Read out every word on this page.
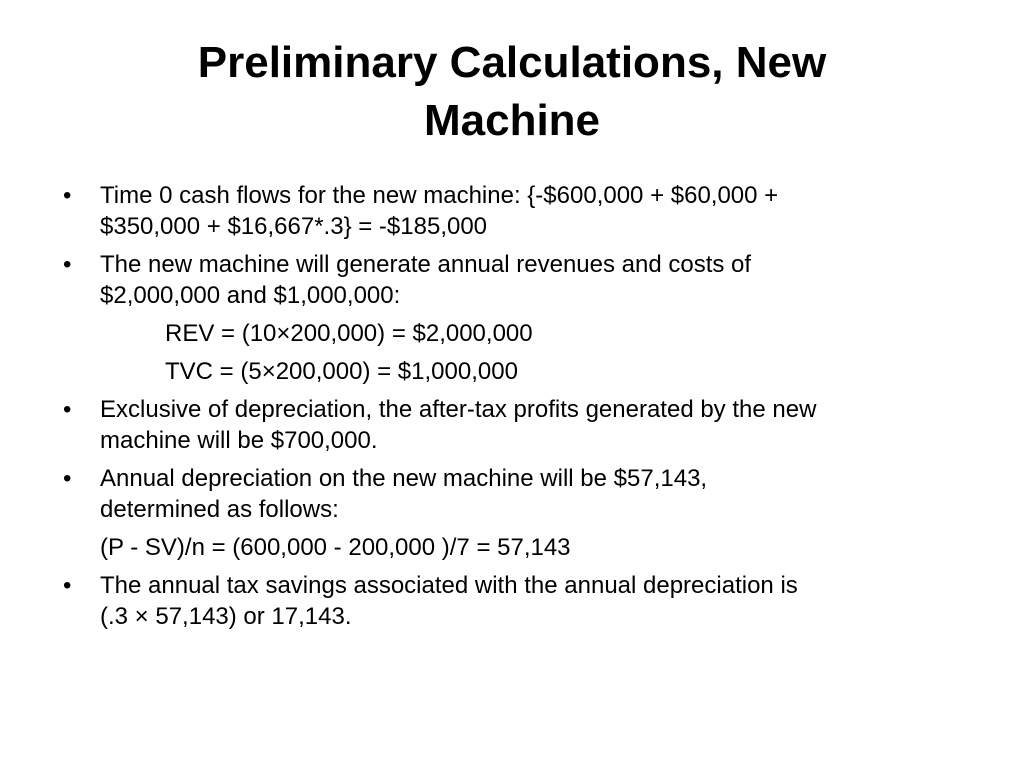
Preliminary Calculations, New
Machine
•	Time 0 cash flows for the new machine: {-$600,000 + $60,000 +
$350,000 + $16,667*.3} = -$185,000
•	The new machine will generate annual revenues and costs of
$2,000,000 and $1,000,000:
REV = (10×200,000) = $2,000,000
TVC = (5×200,000) = $1,000,000
•	Exclusive of depreciation, the after-tax profits generated by the new
machine will be $700,000.
•	Annual depreciation on the new machine will be $57,143,
determined as follows:
(P - SV)/n = (600,000 - 200,000 )/7 = 57,143
•	The annual tax savings associated with the annual depreciation is
(.3 × 57,143) or 17,143.
